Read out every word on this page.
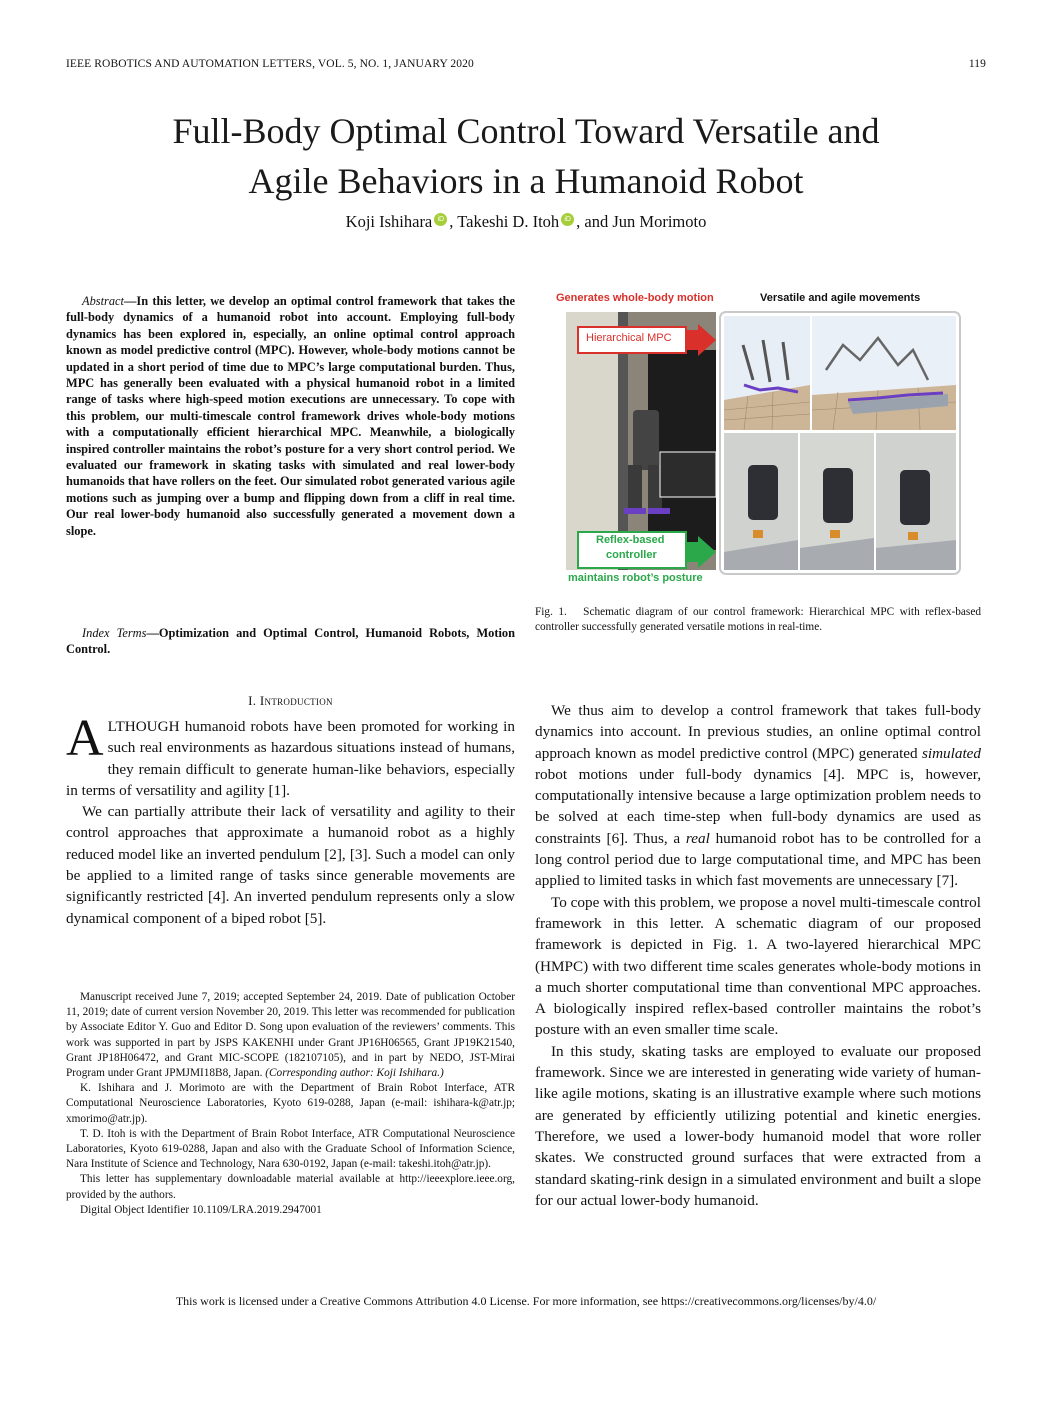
IEEE ROBOTICS AND AUTOMATION LETTERS, VOL. 5, NO. 1, JANUARY 2020	119
Full-Body Optimal Control Toward Versatile and
Agile Behaviors in a Humanoid Robot
Koji Ishihara iD , Takeshi D. Itoh iD , and Jun Morimoto
Abstract—In this letter, we develop an optimal control framework that takes the full-body dynamics of a humanoid robot into account. Employing full-body dynamics has been explored in, especially, an online optimal control approach known as model predictive control (MPC). However, whole-body motions cannot be updated in a short period of time due to MPC’s large computational burden. Thus, MPC has generally been evaluated with a physical humanoid robot in a limited range of tasks where high-speed motion executions are unnecessary. To cope with this problem, our multi-timescale control framework drives whole-body motions with a computationally efficient hierarchical MPC. Meanwhile, a biologically inspired controller maintains the robot’s posture for a very short control period. We evaluated our framework in skating tasks with simulated and real lower-body humanoids that have rollers on the feet. Our simulated robot generated various agile motions such as jumping over a bump and flipping down from a cliff in real time. Our real lower-body humanoid also successfully generated a movement down a slope.
Index Terms—Optimization and Optimal Control, Humanoid Robots, Motion Control.
Generates whole-body motion	Versatile and agile movements
Hierarchical MPC
Reflex-based
controller
maintains robot’s posture
Fig. 1. Schematic diagram of our control framework: Hierarchical MPC with reflex-based controller successfully generated versatile motions in real-time.
I. Introduction

ALTHOUGH humanoid robots have been promoted for working in such real environments as hazardous situations instead of humans, they remain difficult to generate human-like behaviors, especially in terms of versatility and agility [1].

We can partially attribute their lack of versatility and agility to their control approaches that approximate a humanoid robot as a highly reduced model like an inverted pendulum [2], [3]. Such a model can only be applied to a limited range of tasks since generable movements are significantly restricted [4]. An inverted pendulum represents only a slow dynamical component of a biped robot [5].

Manuscript received June 7, 2019; accepted September 24, 2019. Date of publication October 11, 2019; date of current version November 20, 2019. This letter was recommended for publication by Associate Editor Y. Guo and Editor D. Song upon evaluation of the reviewers’ comments. This work was supported in part by JSPS KAKENHI under Grant JP16H06565, Grant JP19K21540, Grant JP18H06472, and Grant MIC-SCOPE (182107105), and in part by NEDO, JST-Mirai Program under Grant JPMJMI18B8, Japan. (Corresponding author: Koji Ishihara.)

K. Ishihara and J. Morimoto are with the Department of Brain Robot Interface, ATR Computational Neuroscience Laboratories, Kyoto 619-0288, Japan (e-mail: ishihara-k@atr.jp; xmorimo@atr.jp).

T. D. Itoh is with the Department of Brain Robot Interface, ATR Computational Neuroscience Laboratories, Kyoto 619-0288, Japan and also with the Graduate School of Information Science, Nara Institute of Science and Technology, Nara 630-0192, Japan (e-mail: takeshi.itoh@atr.jp).

This letter has supplementary downloadable material available at http://ieeexplore.ieee.org, provided by the authors.

Digital Object Identifier 10.1109/LRA.2019.2947001

We thus aim to develop a control framework that takes full-body dynamics into account. In previous studies, an online optimal control approach known as model predictive control (MPC) generated simulated robot motions under full-body dynamics [4]. MPC is, however, computationally intensive because a large optimization problem needs to be solved at each time-step when full-body dynamics are used as constraints [6]. Thus, a real humanoid robot has to be controlled for a long control period due to large computational time, and MPC has been applied to limited tasks in which fast movements are unnecessary [7].

To cope with this problem, we propose a novel multi-timescale control framework in this letter. A schematic diagram of our proposed framework is depicted in Fig. 1. A two-layered hierarchical MPC (HMPC) with two different time scales generates whole-body motions in a much shorter computational time than conventional MPC approaches. A biologically inspired reflex-based controller maintains the robot’s posture with an even smaller time scale.

In this study, skating tasks are employed to evaluate our proposed framework. Since we are interested in generating wide variety of human-like agile motions, skating is an illustrative example where such motions are generated by efficiently utilizing potential and kinetic energies. Therefore, we used a lower-body humanoid model that wore roller skates. We constructed ground surfaces that were extracted from a standard skating-rink design in a simulated environment and built a slope for our actual lower-body humanoid.

This work is licensed under a Creative Commons Attribution 4.0 License. For more information, see https://creativecommons.org/licenses/by/4.0/
